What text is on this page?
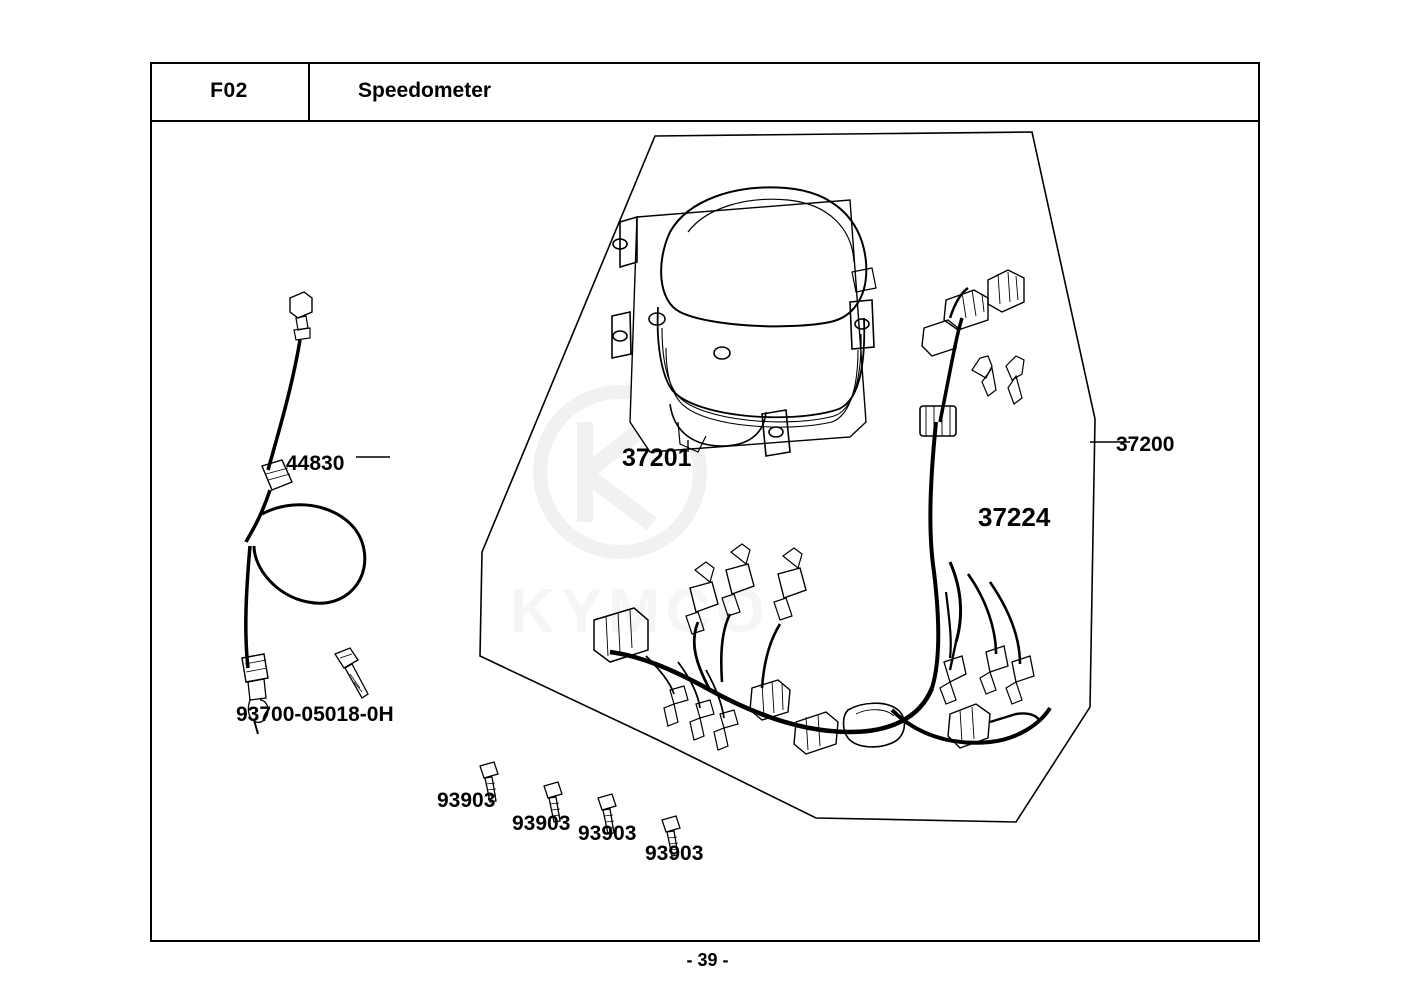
F02	Speedometer
KYMCO
44830
93700-05018-0H
37201	37200
37224
93903
93903 93903
93903
- 39 -
